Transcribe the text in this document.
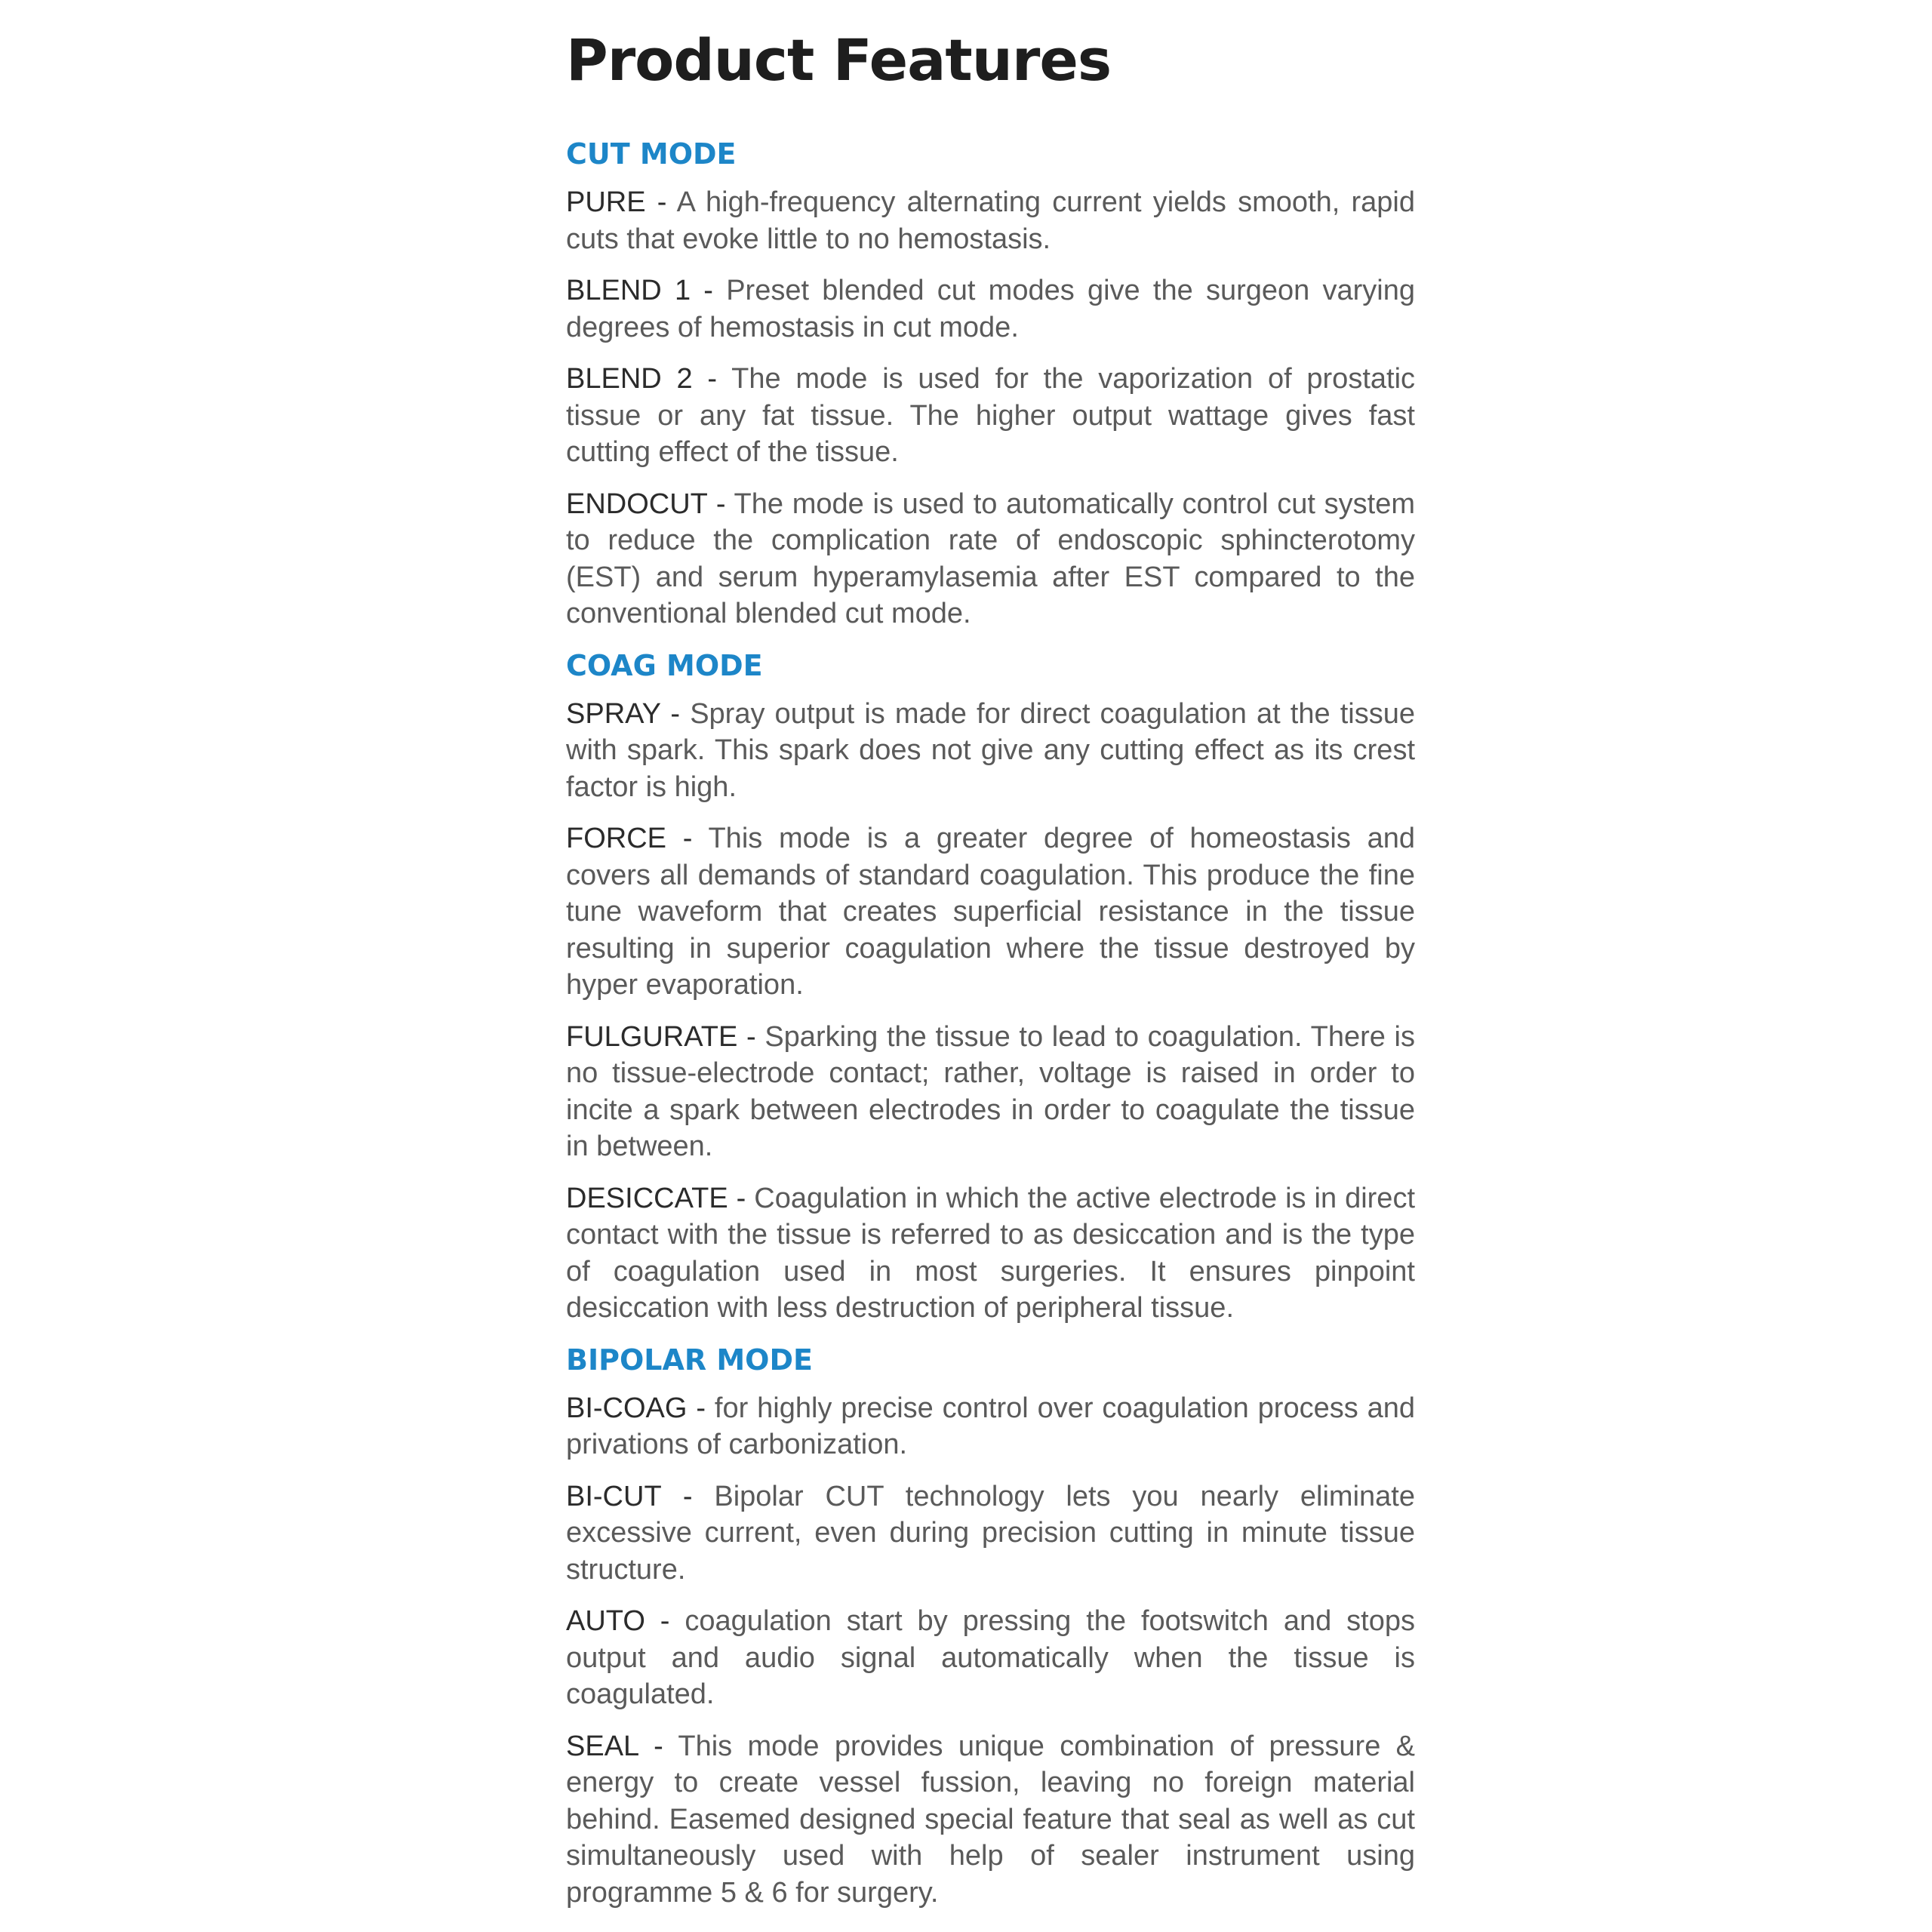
Product Features
CUT MODE

PURE - A high-frequency alternating current yields smooth, rapid cuts that evoke little to no hemostasis.

BLEND 1 - Preset blended cut modes give the surgeon varying degrees of hemostasis in cut mode.

BLEND 2 - The mode is used for the vaporization of prostatic tissue or any fat tissue. The higher output wattage gives fast cutting effect of the tissue.

ENDOCUT - The mode is used to automatically control cut system to reduce the complication rate of endoscopic sphincterotomy (EST) and serum hyperamylasemia after EST compared to the conventional blended cut mode.

COAG MODE

SPRAY - Spray output is made for direct coagulation at the tissue with spark. This spark does not give any cutting effect as its crest factor is high.

FORCE - This mode is a greater degree of homeostasis and covers all demands of standard coagulation. This produce the fine tune waveform that creates superficial resistance in the tissue resulting in superior coagulation where the tissue destroyed by hyper evaporation.

FULGURATE - Sparking the tissue to lead to coagulation. There is no tissue-electrode contact; rather, voltage is raised in order to incite a spark between electrodes in order to coagulate the tissue in between.

DESICCATE - Coagulation in which the active electrode is in direct contact with the tissue is referred to as desiccation and is the type of coagulation used in most surgeries. It ensures pinpoint desiccation with less destruction of peripheral tissue.

BIPOLAR MODE

BI-COAG - for highly precise control over coagulation process and privations of carbonization.

BI-CUT - Bipolar CUT technology lets you nearly eliminate excessive current, even during precision cutting in minute tissue structure.

AUTO - coagulation start by pressing the footswitch and stops output and audio signal automatically when the tissue is coagulated.

SEAL - This mode provides unique combination of pressure & energy to create vessel fussion, leaving no foreign material behind. Easemed designed special feature that seal as well as cut simultaneously used with help of sealer instrument using programme 5 & 6 for surgery.
